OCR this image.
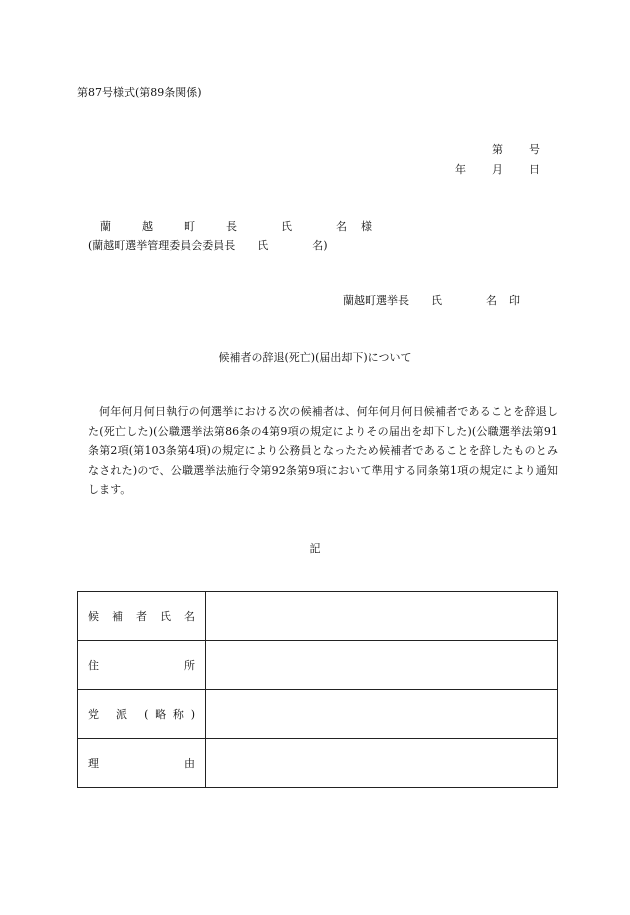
第87号様式(第89条関係)
第 号
年 月 日
蘭	越	町	長	氏	名 様
(蘭越町選挙管理委員会委員長 氏	名)
蘭越町選挙長 氏	名 印
候補者の辞退(死亡)(届出却下)について
何年何月何日執行の何選挙における次の候補者は、何年何月何日候補者であることを辞退した(死亡した)(公職選挙法第86条の4第9項の規定によりその届出を却下した)(公職選挙法第91条第2項(第103条第4項)の規定により公務員となったため候補者であることを辞したものとみなされた)ので、公職選挙法施行令第92条第9項において準用する同条第1項の規定により通知します。
記
候 補 者 氏 名	

住 所	

党 派 (略称)	

理 由	
